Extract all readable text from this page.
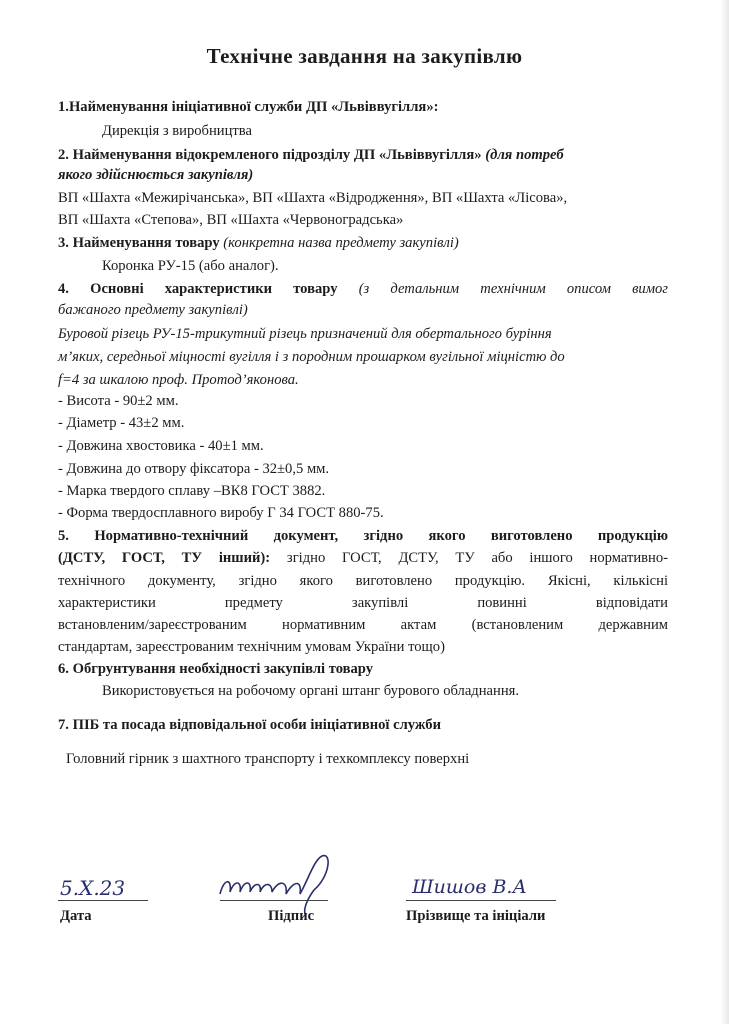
Технічне завдання на закупівлю
1.Найменування ініціативної служби ДП «Львіввугілля»:
Дирекція з виробництва
2. Найменування відокремленого підрозділу ДП «Львіввугілля» (для потреб
якого здійснюється закупівля)
ВП «Шахта «Межирічанська», ВП «Шахта «Відродження», ВП «Шахта «Лісова»,
ВП «Шахта «Степова», ВП «Шахта «Червоноградська»
3. Найменування товару (конкретна назва предмету закупівлі)
Коронка РУ-15 (або аналог).
4. Основні характеристики товару (з детальним технічним описом вимог
бажаного предмету закупівлі)
Буровой різець РУ-15-трикутний різець призначений для обертального буріння
м’яких, середньої міцності вугілля і з породним прошарком вугільної міцністю до
f=4 за шкалою проф. Протод’яконова.
- Висота - 90±2 мм.
- Діаметр - 43±2 мм.
- Довжина хвостовика - 40±1 мм.
- Довжина до отвору фіксатора - 32±0,5 мм.
- Марка твердого сплаву –ВК8 ГОСТ 3882.
- Форма твердосплавного виробу Г 34 ГОСТ 880-75.
5. Нормативно-технічний документ, згідно якого виготовлено продукцію
(ДСТУ, ГОСТ, ТУ інший): згідно ГОСТ, ДСТУ, ТУ або іншого нормативно-
технічного документу, згідно якого виготовлено продукцію. Якісні, кількісні
характеристики предмету закупівлі повинні відповідати
встановленим/зареєстрованим нормативним актам (встановленим державним
стандартам, зареєстрованим технічним умовам України тощо)
6. Обгрунтування необхідності закупівлі товару
Використовується на робочому органі штанг бурового обладнання.
7. ПІБ та посада відповідальної особи ініціативної служби
Головний гірник з шахтного транспорту і техкомплексу поверхні
5.Х.23	Шишов В.А
Дата	Підпис	Прізвище та ініціали
